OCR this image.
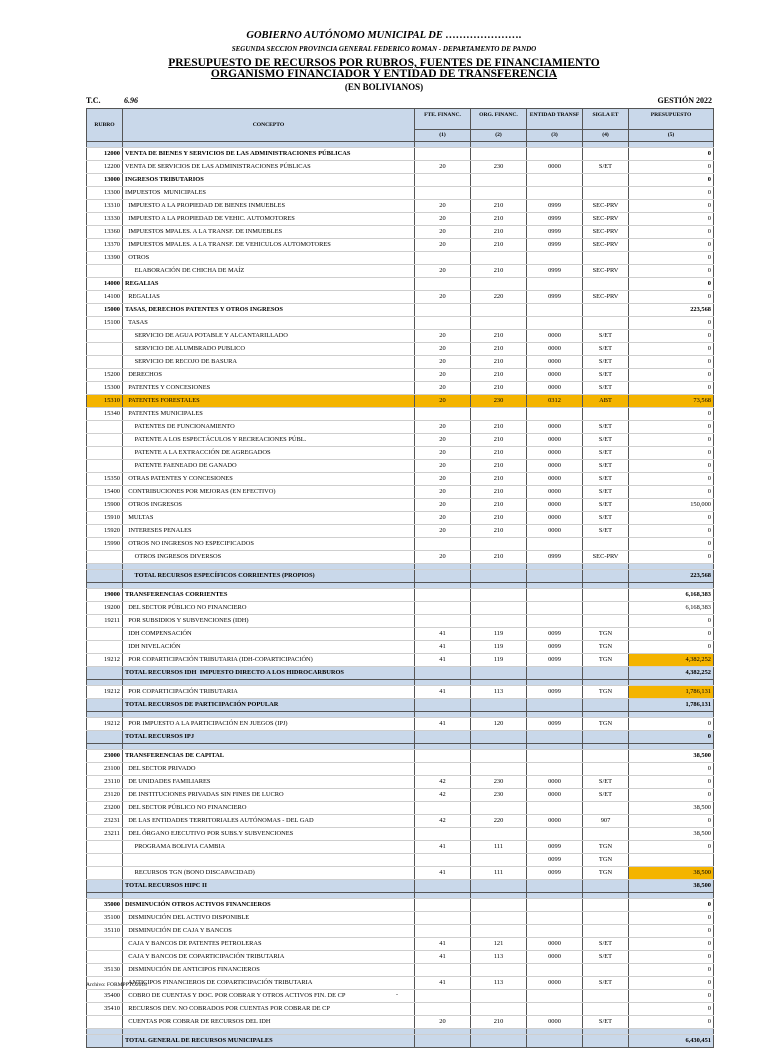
GOBIERNO AUTÓNOMO MUNICIPAL DE ………………….
SEGUNDA SECCION PROVINCIA GENERAL FEDERICO ROMAN - DEPARTAMENTO DE PANDO
PRESUPUESTO DE RECURSOS POR RUBROS, FUENTES DE FINANCIAMIENTO
ORGANISMO FINANCIADOR Y ENTIDAD DE TRANSFERENCIA
(EN BOLIVIANOS)
T.C.	6.96	GESTIÓN 2022
RUBRO	CONCEPTO	FTE. FINANC.	ORG. FINANC.	ENTIDAD TRANSF	SIGLA ET	PRESUPUESTO
		(1)	(2)	(3)	(4)	(5)

12000	VENTA DE BIENES Y SERVICIOS DE LAS ADMINISTRACIONES PÚBLICAS					0
12200	VENTA DE SERVICIOS DE LAS ADMINISTRACIONES PÚBLICAS	20	230	0000	S/ET	0
13000	INGRESOS TRIBUTARIOS					0
13300	IMPUESTOS  MUNICIPALES					0
13310	IMPUESTO A LA PROPIEDAD DE BIENES INMUEBLES	20	210	0999	SEC-PRV	0
13330	IMPUESTO A LA PROPIEDAD DE VEHIC. AUTOMOTORES	20	210	0999	SEC-PRV	0
13360	IMPUESTOS MPALES. A LA TRANSF. DE INMUEBLES	20	210	0999	SEC-PRV	0
13370	IMPUESTOS MPALES. A LA TRANSF. DE VEHICULOS AUTOMOTORES	20	210	0999	SEC-PRV	0
13390	OTROS					0
	ELABORACIÓN DE CHICHA DE MAÍZ	20	210	0999	SEC-PRV	0
14000	REGALIAS					0
14100	REGALIAS	20	220	0999	SEC-PRV	0
15000	TASAS, DERECHOS PATENTES Y OTROS INGRESOS					223,568
15100	TASAS					0
	SERVICIO DE AGUA POTABLE Y ALCANTARILLADO	20	210	0000	S/ET	0
	SERVICIO DE ALUMBRADO PUBLICO	20	210	0000	S/ET	0
	SERVICIO DE RECOJO DE BASURA	20	210	0000	S/ET	0
15200	DERECHOS	20	210	0000	S/ET	0
15300	PATENTES Y CONCESIONES	20	210	0000	S/ET	0
15310	PATENTES FORESTALES	20	230	0312	ABT	73,568
15340	PATENTES MUNICIPALES					0
	PATENTES DE FUNCIONAMIENTO	20	210	0000	S/ET	0
	PATENTE A LOS ESPECTÁCULOS Y RECREACIONES PÚBL.	20	210	0000	S/ET	0
	PATENTE A LA EXTRACCIÓN DE AGREGADOS	20	210	0000	S/ET	0
	PATENTE FAENEADO DE GANADO	20	210	0000	S/ET	0
15350	OTRAS PATENTES Y CONCESIONES	20	210	0000	S/ET	0
15400	CONTRIBUCIONES POR MEJORAS (EN EFECTIVO)	20	210	0000	S/ET	0
15900	OTROS INGRESOS	20	210	0000	S/ET	150,000
15910	MULTAS	20	210	0000	S/ET	0
15920	INTERESES PENALES	20	210	0000	S/ET	0
15990	OTROS NO INGRESOS NO ESPECIFICADOS					0
	OTROS INGRESOS DIVERSOS	20	210	0999	SEC-PRV	0

	TOTAL RECURSOS ESPECÍFICOS CORRIENTES (PROPIOS)					223,568

19000	TRANSFERENCIAS CORRIENTES					6,168,383
19200	DEL SECTOR PÚBLICO NO FINANCIERO					6,168,383
19211	POR SUBSIDIOS Y SUBVENCIONES (IDH)					0
	IDH COMPENSACIÓN	41	119	0099	TGN	0
	IDH NIVELACIÓN	41	119	0099	TGN	0
19212	POR COPARTICIPACIÓN TRIBUTARIA (IDH-COPARTICIPACIÓN)	41	119	0099	TGN	4,382,252
	TOTAL RECURSOS IDH  IMPUESTO DIRECTO A LOS HIDROCARBUROS					4,382,252

19212	POR COPARTICIPACIÓN TRIBUTARIA	41	113	0099	TGN	1,786,131
	TOTAL RECURSOS DE PARTICIPACIÓN POPULAR					1,786,131

19212	POR IMPUESTO A LA PARTICIPACIÓN EN JUEGOS (IPJ)	41	120	0099	TGN	0
	TOTAL RECURSOS IPJ					0

23000	TRANSFERENCIAS DE CAPITAL					38,500
23100	DEL SECTOR PRIVADO					0
23110	DE UNIDADES FAMILIARES	42	230	0000	S/ET	0
23120	DE INSTITUCIONES PRIVADAS SIN FINES DE LUCRO	42	230	0000	S/ET	0
23200	DEL SECTOR PÚBLICO NO FINANCIERO					38,500
23231	DE LAS ENTIDADES TERRITORIALES AUTÓNOMAS - DEL GAD	42	220	0000	907	0
23211	DEL ÓRGANO EJECUTIVO POR SUBS.Y SUBVENCIONES					38,500
	PROGRAMA BOLIVIA CAMBIA	41	111	0099	TGN	0
				0099	TGN	
	RECURSOS TGN (BONO DISCAPACIDAD)	41	111	0099	TGN	38,500
	TOTAL RECURSOS HIPC II					38,500

35000	DISMINUCIÓN OTROS ACTIVOS FINANCIEROS					0
35100	DISMINUCIÓN DEL ACTIVO DISPONIBLE					0
35110	DISMINUCIÓN DE CAJA Y BANCOS					0
	CAJA Y BANCOS DE PATENTES PETROLERAS	41	121	0000	S/ET	0
	CAJA Y BANCOS DE COPARTICIPACIÓN TRIBUTARIA	41	113	0000	S/ET	0
35130	DISMINUCIÓN DE ANTICIPOS FINANCIEROS					0
	ANTICIPOS FINANCIEROS DE COPARTICIPACIÓN TRIBUTARIA	41	113	0000	S/ET	0
35400	COBRO DE CUENTAS Y DOC. POR COBRAR Y OTROS ACTIVOS FIN. DE CP					0
35410	RECURSOS DEV. NO COBRADOS POR CUENTAS POR COBRAR DE CP					0
	CUENTAS POR COBRAR DE RECURSOS DEL IDH	20	210	0000	S/ET	0

	TOTAL GENERAL DE RECURSOS MUNICIPALES					6,430,451
Archivo: FORMPPTO2018
-
